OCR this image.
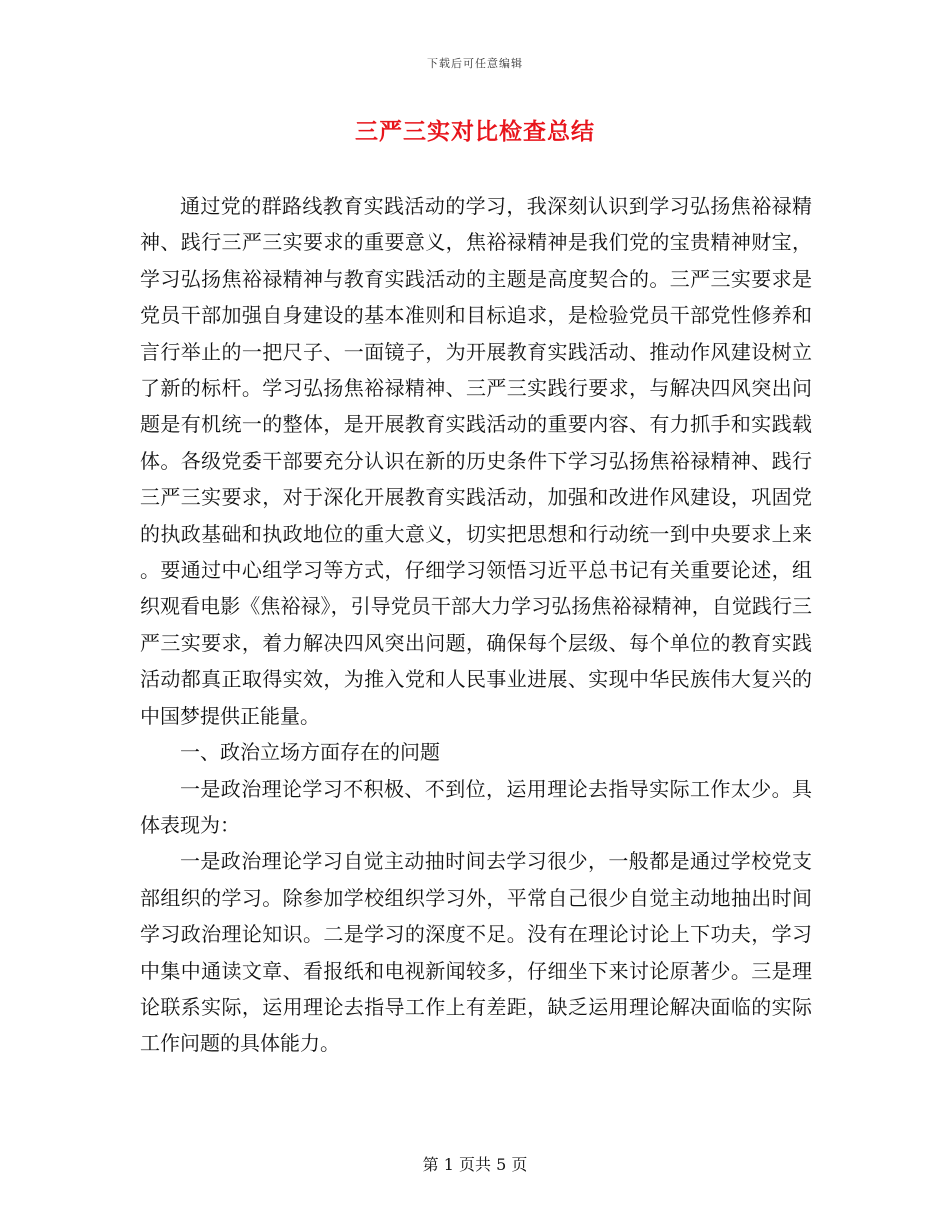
下载后可任意编辑
三严三实对比检查总结

通过党的群路线教育实践活动的学习，我深刻认识到学习弘扬焦裕禄精神、践行三严三实要求的重要意义，焦裕禄精神是我们党的宝贵精神财宝，学习弘扬焦裕禄精神与教育实践活动的主题是高度契合的。三严三实要求是党员干部加强自身建设的基本准则和目标追求，是检验党员干部党性修养和言行举止的一把尺子、一面镜子，为开展教育实践活动、推动作风建设树立了新的标杆。学习弘扬焦裕禄精神、三严三实践行要求，与解决四风突出问题是有机统一的整体，是开展教育实践活动的重要内容、有力抓手和实践载体。各级党委干部要充分认识在新的历史条件下学习弘扬焦裕禄精神、践行三严三实要求，对于深化开展教育实践活动，加强和改进作风建设，巩固党的执政基础和执政地位的重大意义，切实把思想和行动统一到中央要求上来。要通过中心组学习等方式，仔细学习领悟习近平总书记有关重要论述，组织观看电影《焦裕禄》，引导党员干部大力学习弘扬焦裕禄精神，自觉践行三严三实要求，着力解决四风突出问题，确保每个层级、每个单位的教育实践活动都真正取得实效，为推入党和人民事业进展、实现中华民族伟大复兴的中国梦提供正能量。

一、政治立场方面存在的问题

一是政治理论学习不积极、不到位，运用理论去指导实际工作太少。具体表现为：

一是政治理论学习自觉主动抽时间去学习很少，一般都是通过学校党支部组织的学习。除参加学校组织学习外，平常自己很少自觉主动地抽出时间学习政治理论知识。二是学习的深度不足。没有在理论讨论上下功夫，学习中集中通读文章、看报纸和电视新闻较多，仔细坐下来讨论原著少。三是理论联系实际，运用理论去指导工作上有差距，缺乏运用理论解决面临的实际工作问题的具体能力。

第 1 页共 5 页
